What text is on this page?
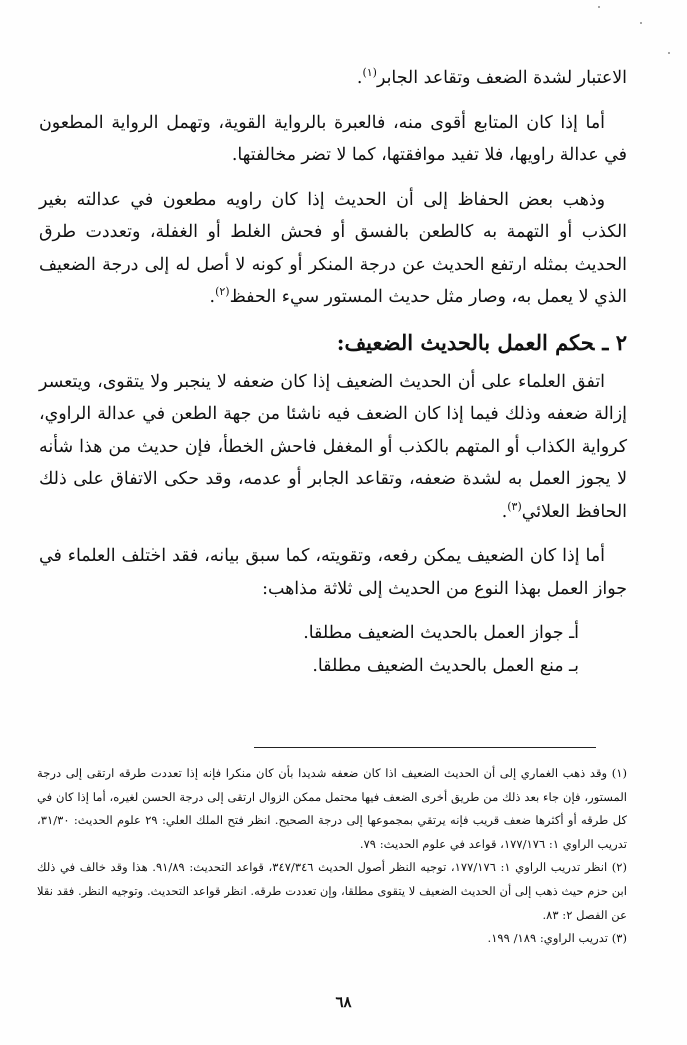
الاعتبار لشدة الضعف وتقاعد الجابر$^{(١)}$.

أما إذا كان المتابع أقوى منه، فالعبرة بالرواية القوية، وتهمل الرواية المطعون في عدالة راويها، فلا تفيد موافقتها، كما لا تضر مخالفتها.

وذهب بعض الحفاظ إلى أن الحديث إذا كان راويه مطعون في عدالته بغير الكذب أو التهمة به كالطعن بالفسق أو فحش الغلط أو الغفلة، وتعددت طرق الحديث بمثله ارتفع الحديث عن درجة المنكر أو كونه لا أصل له إلى درجة الضعيف الذي لا يعمل به، وصار مثل حديث المستور سيء الحفظ$^{(٢)}$.

٢ ـحكم العمل بالحديث الضعيف:

اتفق العلماء على أن الحديث الضعيف إذا كان ضعفه لا ينجبر ولا يتقوى، ويتعسر إزالة ضعفه وذلك فيما إذا كان الضعف فيه ناشئا من جهة الطعن في عدالة الراوي، كرواية الكذاب أو المتهم بالكذب أو المغفل فاحش الخطأ، فإن حديث من هذا شأنه لا يجوز العمل به لشدة ضعفه، وتقاعد الجابر أو عدمه، وقد حكى الاتفاق على ذلك الحافظ العلائي$^{(٣)}$.

أما إذا كان الضعيف يمكن رفعه، وتقويته، كما سبق بيانه، فقد اختلف العلماء في جواز العمل بهذا النوع من الحديث إلى ثلاثة مذاهب:

أـ جواز العمل بالحديث الضعيف مطلقا.
بـ منع العمل بالحديث الضعيف مطلقا.

(١) وقد ذهب الغماري إلى أن الحديث الضعيف اذا كان ضعفه شديدا بأن كان منكرا فإنه إذا تعددت طرقه ارتقى إلى درجة المستور، فإن جاء بعد ذلك من طريق أخرى الضعف فيها محتمل ممكن الزوال ارتقى إلى درجة الحسن لغيره، أما إذا كان في كل طرقه أو أكثرها ضعف قريب فإنه يرتقي بمجموعها إلى درجة الصحيح. انظر فتح الملك العلي: ٢٩ علوم الحديث: ٣١/٣٠، تدريب الراوي ١: ١٧٧/١٧٦، قواعد في علوم الحديث: ٧٩.

(٢) انظر تدريب الراوي ١: ١٧٧/١٧٦، توجيه النظر أصول الحديث ٣٤٧/٣٤٦، قواعد التحديث: ٩١/٨٩. هذا وقد خالف في ذلك ابن حزم حيث ذهب إلى أن الحديث الضعيف لا يتقوى مطلقا، وإن تعددت طرقه. انظر قواعد التحديث. وتوجيه النظر. فقد نقلا عن الفصل ٢: ٨٣.

(٣) تدريب الراوي: ١٨٩/ ١٩٩.

٦٨
